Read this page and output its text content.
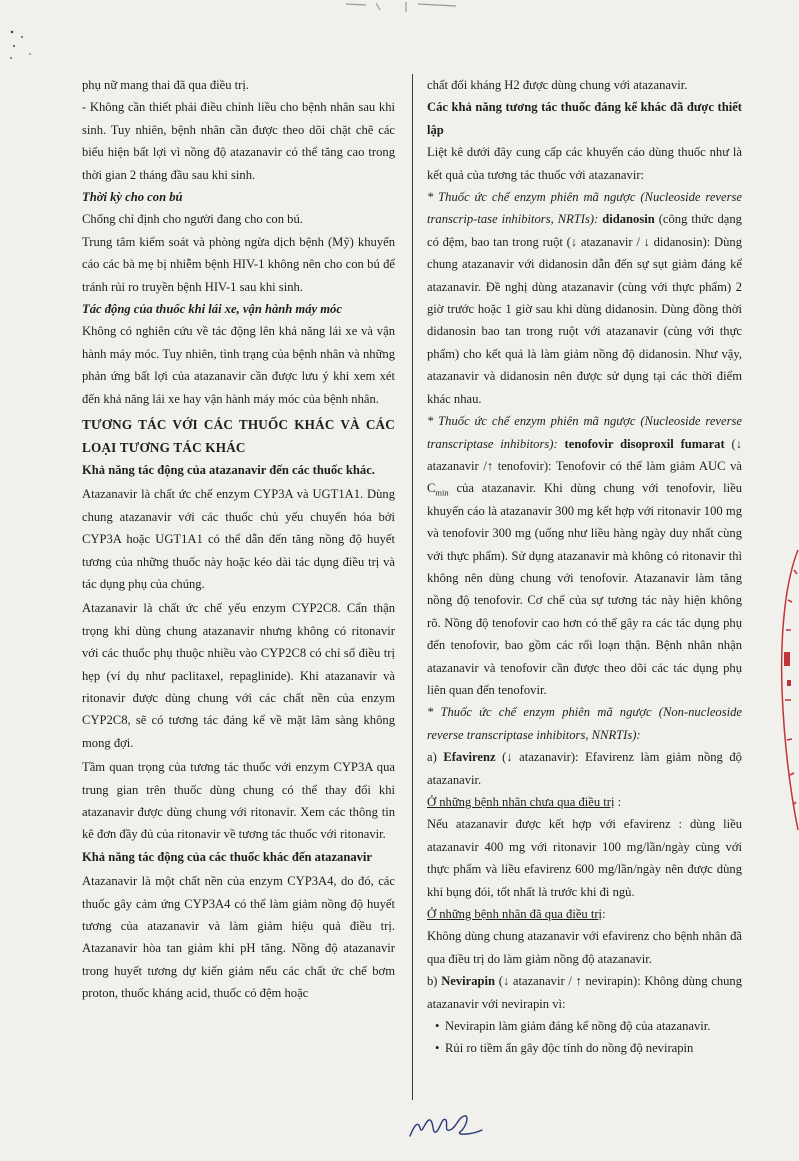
phụ nữ mang thai đã qua điều trị.

- Không cần thiết phải điều chỉnh liều cho bệnh nhân sau khi sinh. Tuy nhiên, bệnh nhân cần được theo dõi chặt chẽ các biểu hiện bất lợi vì nồng độ atazanavir có thể tăng cao trong thời gian 2 tháng đầu sau khi sinh.

Thời kỳ cho con bú

Chống chỉ định cho người đang cho con bú.

Trung tâm kiểm soát và phòng ngừa dịch bệnh (Mỹ) khuyến cáo các bà mẹ bị nhiễm bệnh HIV-1 không nên cho con bú để tránh rủi ro truyền bệnh HIV-1 sau khi sinh.

Tác động của thuốc khi lái xe, vận hành máy móc

Không có nghiên cứu về tác động lên khả năng lái xe và vận hành máy móc. Tuy nhiên, tình trạng của bệnh nhân và những phản ứng bất lợi của atazanavir cần được lưu ý khi xem xét đến khả năng lái xe hay vận hành máy móc của bệnh nhân.

TƯƠNG TÁC VỚI CÁC THUỐC KHÁC VÀ CÁC LOẠI TƯƠNG TÁC KHÁC

Khả năng tác động của atazanavir đến các thuốc khác.

Atazanavir là chất ức chế enzym CYP3A và UGT1A1. Dùng chung atazanavir với các thuốc chủ yếu chuyển hóa bởi CYP3A hoặc UGT1A1 có thể dẫn đến tăng nồng độ huyết tương của những thuốc này hoặc kéo dài tác dụng điều trị và tác dụng phụ của chúng.

Atazanavir là chất ức chế yếu enzym CYP2C8. Cẩn thận trọng khi dùng chung atazanavir nhưng không có ritonavir với các thuốc phụ thuộc nhiều vào CYP2C8 có chỉ số điều trị hẹp (ví dụ như paclitaxel, repaglinide). Khi atazanavir và ritonavir được dùng chung với các chất nền của enzym CYP2C8, sẽ có tương tác đáng kể về mặt lâm sàng không mong đợi.

Tầm quan trọng của tương tác thuốc với enzym CYP3A qua trung gian trên thuốc dùng chung có thể thay đổi khi atazanavir được dùng chung với ritonavir. Xem các thông tin kê đơn đầy đủ của ritonavir về tương tác thuốc với ritonavir.

Khả năng tác động của các thuốc khác đến atazanavir

Atazanavir là một chất nền của enzym CYP3A4, do đó, các thuốc gây cảm ứng CYP3A4 có thể làm giảm nồng độ huyết tương của atazanavir và làm giảm hiệu quả điều trị. Atazanavir hòa tan giảm khi pH tăng. Nồng độ atazanavir trong huyết tương dự kiến giảm nếu các chất ức chế bơm proton, thuốc kháng acid, thuốc có đệm hoặc

chất đối kháng H2 được dùng chung với atazanavir.

Các khả năng tương tác thuốc đáng kể khác đã được thiết lập

Liệt kê dưới đây cung cấp các khuyến cáo dùng thuốc như là kết quả của tương tác thuốc với atazanavir:

* Thuốc ức chế enzym phiên mã ngược (Nucleoside reverse transcrip-tase inhibitors, NRTIs): didanosin (công thức dạng có đệm, bao tan trong ruột (↓ atazanavir / ↓ didanosin): Dùng chung atazanavir với didanosin dẫn đến sự sụt giảm đáng kể atazanavir. Đề nghị dùng atazanavir (cùng với thực phẩm) 2 giờ trước hoặc 1 giờ sau khi dùng didanosin. Dùng đồng thời didanosin bao tan trong ruột với atazanavir (cùng với thực phẩm) cho kết quả là làm giảm nồng độ didanosin. Như vậy, atazanavir và didanosin nên được sử dụng tại các thời điểm khác nhau.

* Thuốc ức chế enzym phiên mã ngược (Nucleoside reverse transcriptase inhibitors): tenofovir disoproxil fumarat (↓ atazanavir /↑ tenofovir): Tenofovir có thể làm giảm AUC và $C_{min}$ của atazanavir. Khi dùng chung với tenofovir, liều khuyến cáo là atazanavir 300 mg kết hợp với ritonavir 100 mg và tenofovir 300 mg (uống như liều hàng ngày duy nhất cùng với thực phẩm). Sử dụng atazanavir mà không có ritonavir thì không nên dùng chung với tenofovir. Atazanavir làm tăng nồng độ tenofovir. Cơ chế của sự tương tác này hiện không rõ. Nồng độ tenofovir cao hơn có thể gây ra các tác dụng phụ đến tenofovir, bao gồm các rối loạn thận. Bệnh nhân nhận atazanavir và tenofovir cần được theo dõi các tác dụng phụ liên quan đến tenofovir.

* Thuốc ức chế enzym phiên mã ngược (Non-nucleoside reverse transcriptase inhibitors, NNRTIs):

a) Efavirenz (↓ atazanavir): Efavirenz làm giảm nồng độ atazanavir.

Ở những bệnh nhân chưa qua điều trị :

Nếu atazanavir được kết hợp với efavirenz : dùng liều atazanavir 400 mg với ritonavir 100 mg/lần/ngày cùng với thực phẩm và liều efavirenz 600 mg/lần/ngày nên được dùng khi bụng đói, tốt nhất là trước khi đi ngủ.

Ở những bệnh nhân đã qua điều trị:

Không dùng chung atazanavir với efavirenz cho bệnh nhân đã qua điều trị do làm giảm nồng độ atazanavir.

b) Nevirapin (↓ atazanavir / ↑ nevirapin): Không dùng chung atazanavir với nevirapin vì:

• Nevirapin làm giảm đáng kể nồng độ của atazanavir.
• Rủi ro tiềm ẩn gây độc tính do nồng độ nevirapin
